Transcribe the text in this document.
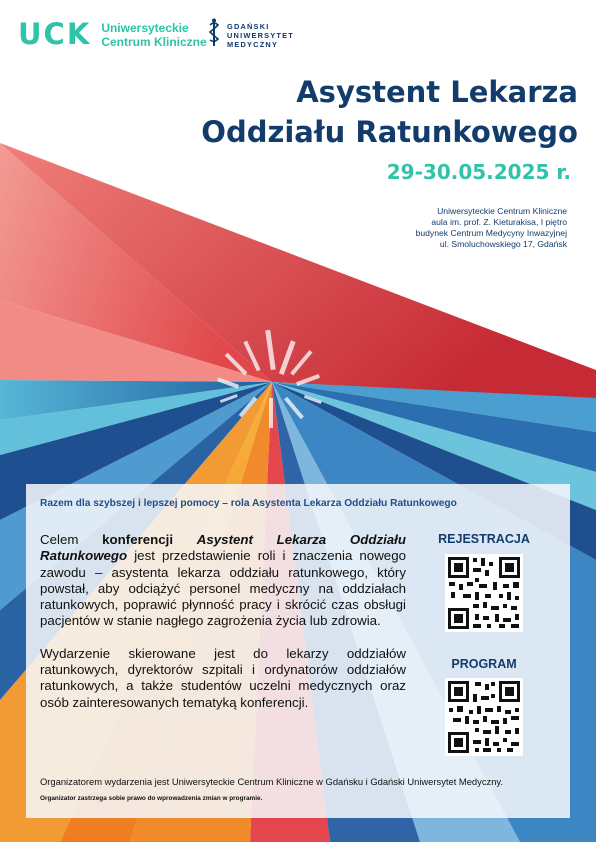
UCK Uniwersyteckie
Centrum Kliniczne
GDAŃSKI
UNIWERSYTET
MEDYCZNY
Asystent Lekarza
Oddziału Ratunkowego
29-30.05.2025 r.
Uniwersyteckie Centrum Kliniczne
aula im. prof. Z. Kieturakisa, I piętro
budynek Centrum Medycyny Inwazyjnej
ul. Smoluchowskiego 17, Gdańsk
Razem dla szybszej i lepszej pomocy – rola Asystenta Lekarza Oddziału Ratunkowego

Celem konferencji Asystent Lekarza Oddziału Ratunkowego jest przedstawienie roli i znaczenia nowego zawodu – asystenta lekarza oddziału ratunkowego, który powstał, aby odciążyć personel medyczny na oddziałach ratunkowych, poprawić płynność pracy i skrócić czas obsługi pacjentów w stanie nagłego zagrożenia życia lub zdrowia.

Wydarzenie skierowane jest do lekarzy oddziałów ratunkowych, dyrektorów szpitali i ordynatorów oddziałów ratunkowych, a także studentów uczelni medycznych oraz osób zainteresowanych tematyką konferencji.

REJESTRACJA
PROGRAM
Organizatorem wydarzenia jest Uniwersyteckie Centrum Kliniczne w Gdańsku i Gdański Uniwersytet Medyczny.
Organizator zastrzega sobie prawo do wprowadzenia zmian w programie.
